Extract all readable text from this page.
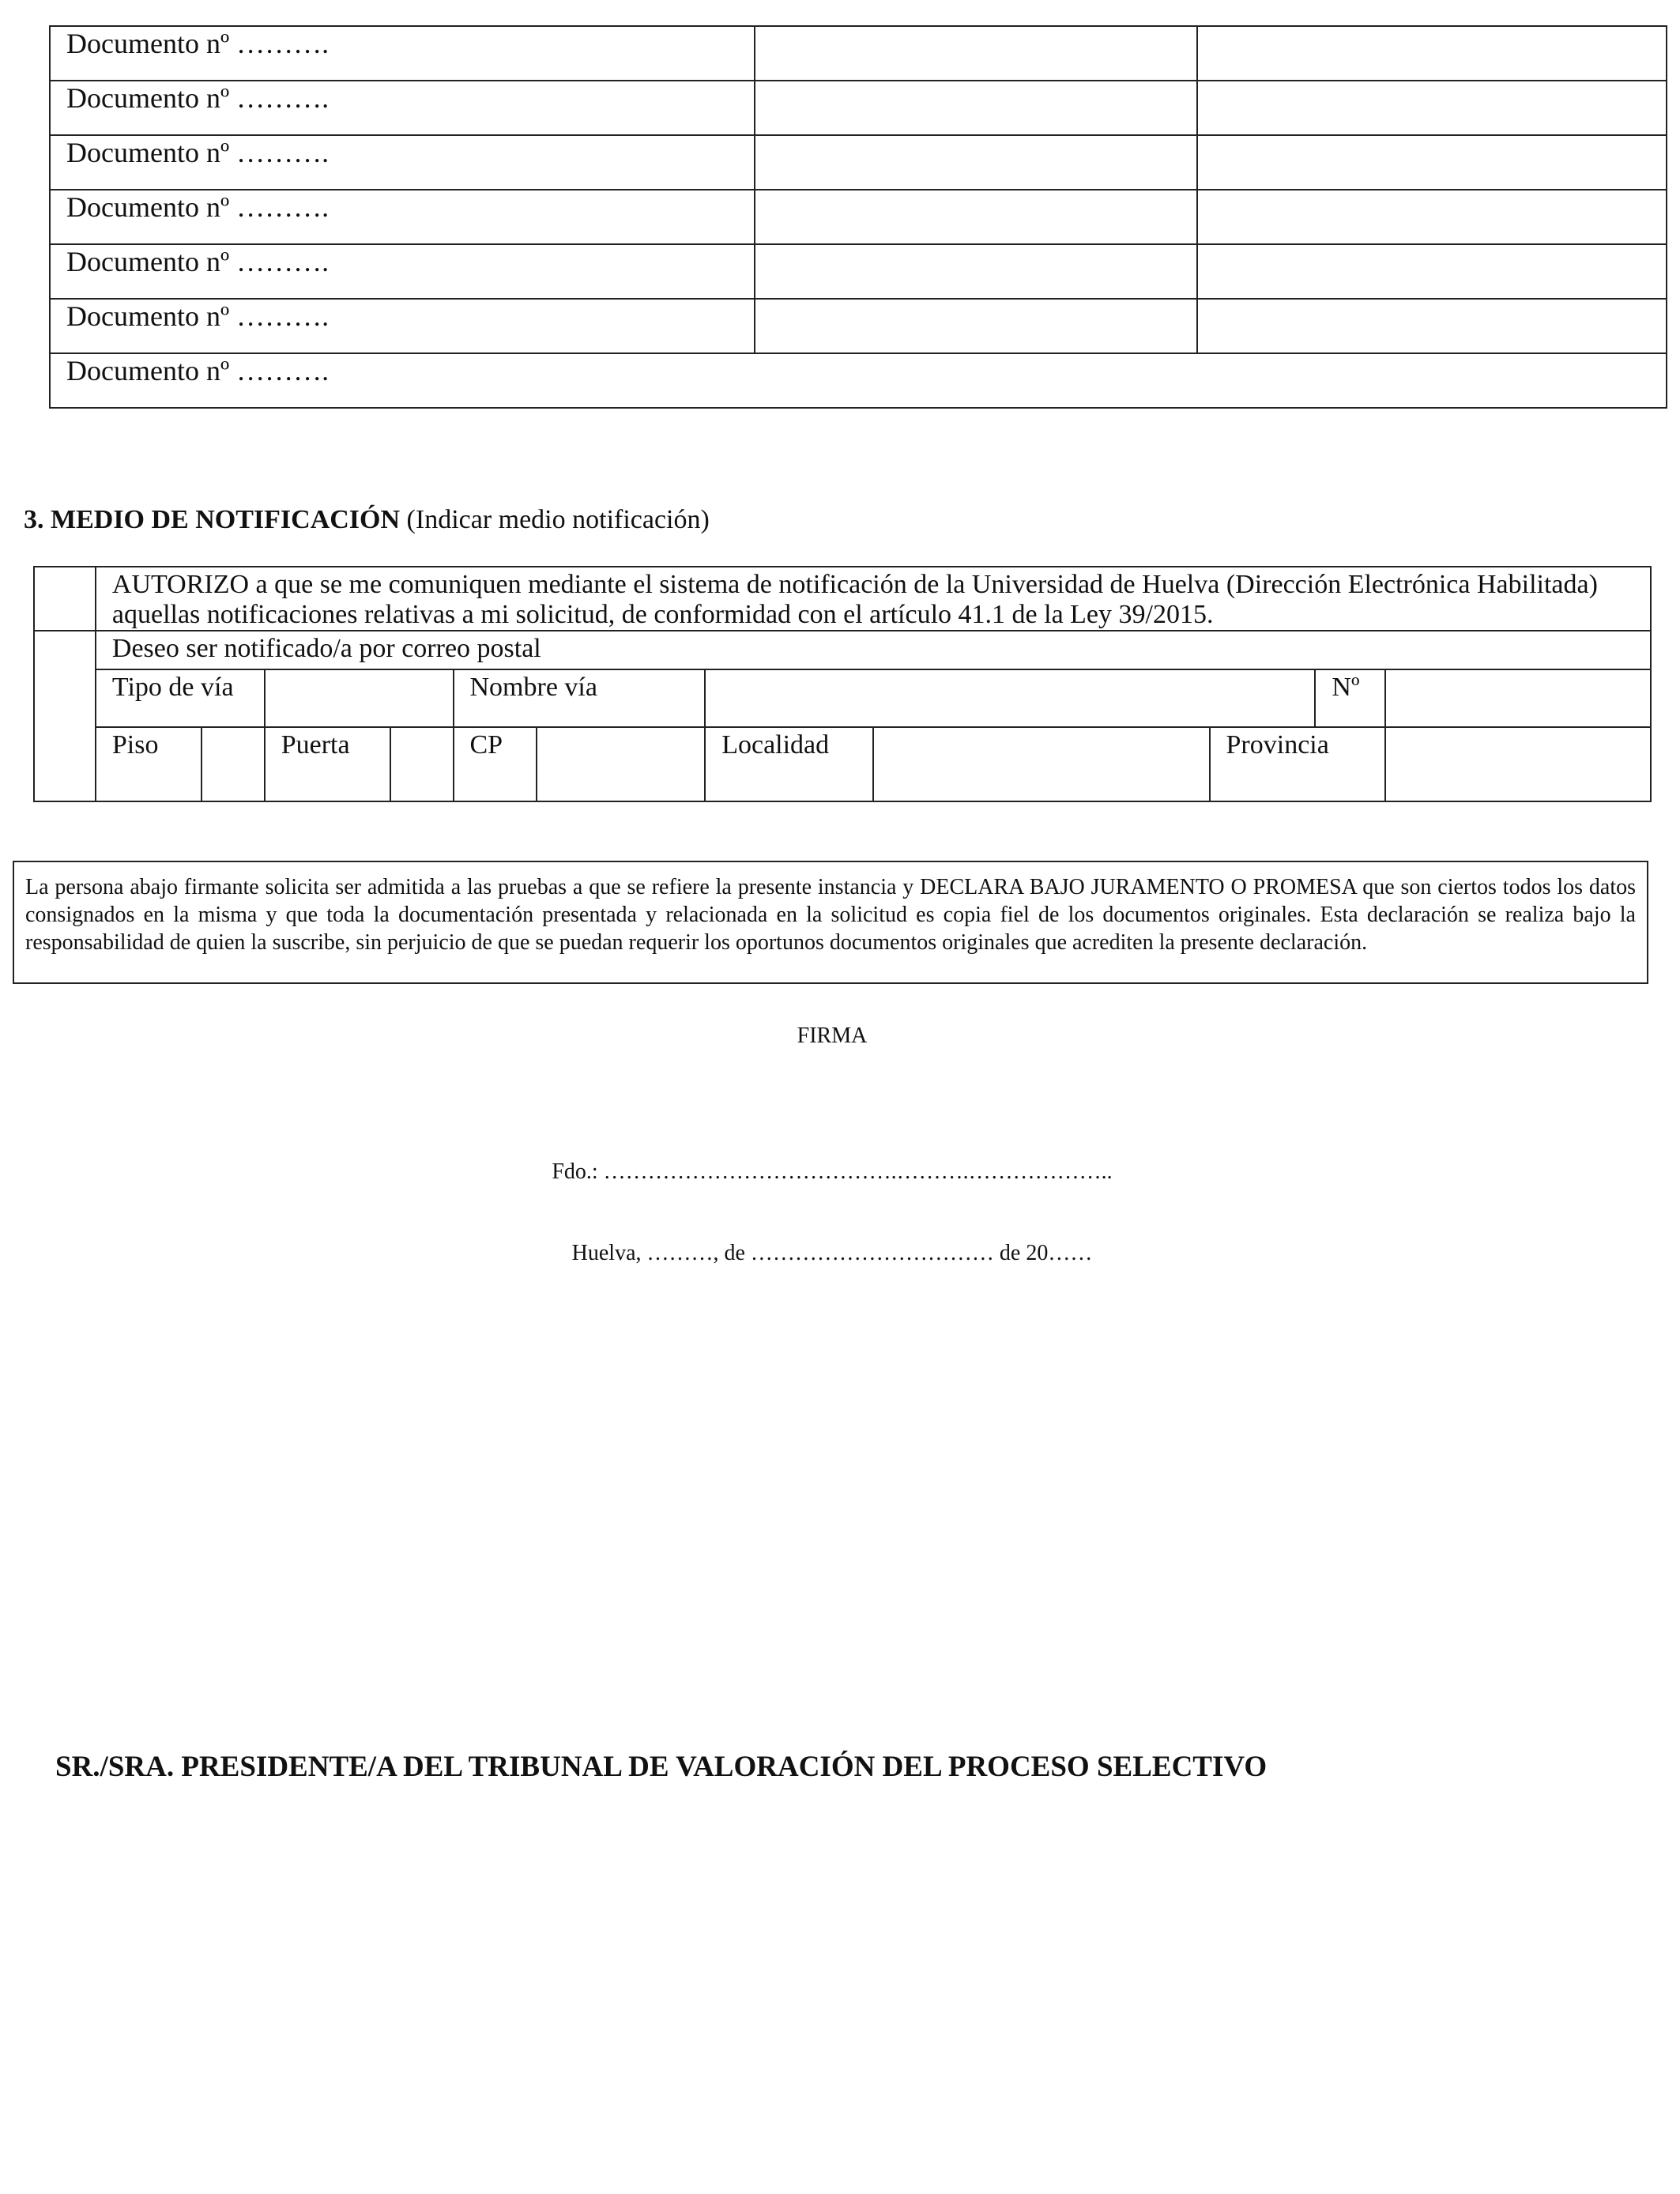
Documento nº ……….		
Documento nº ……….		
Documento nº ……….		
Documento nº ……….		
Documento nº ……….		
Documento nº ……….		
Documento nº ……….		
3. MEDIO DE NOTIFICACIÓN (Indicar medio notificación)

	AUTORIZO a que se me comuniquen mediante el sistema de notificación de la Universidad de Huelva (Dirección Electrónica Habilitada)
aquellas notificaciones relativas a mi solicitud, de conformidad con el artículo 41.1 de la Ley 39/2015.										

	Deseo ser notificado/a por correo postal										
	Tipo de vía				Nombre vía					Nº	
	Piso		Puerta		CP		Localidad		Provincia		
La persona abajo firmante solicita ser admitida a las pruebas a que se refiere la presente instancia y DECLARA BAJO JURAMENTO O PROMESA que son ciertos todos los datos consignados en la misma y que toda la documentación presentada y relacionada en la solicitud es copia fiel de los documentos originales. Esta declaración se realiza bajo la responsabilidad de quien la suscribe, sin perjuicio de que se puedan requerir los oportunos documentos originales que acrediten la presente declaración.
FIRMA
Fdo.: ………………………………….……….………………..
Huelva, ………, de …………………………… de 20……
SR./SRA. PRESIDENTE/A DEL TRIBUNAL DE VALORACIÓN DEL PROCESO SELECTIVO
